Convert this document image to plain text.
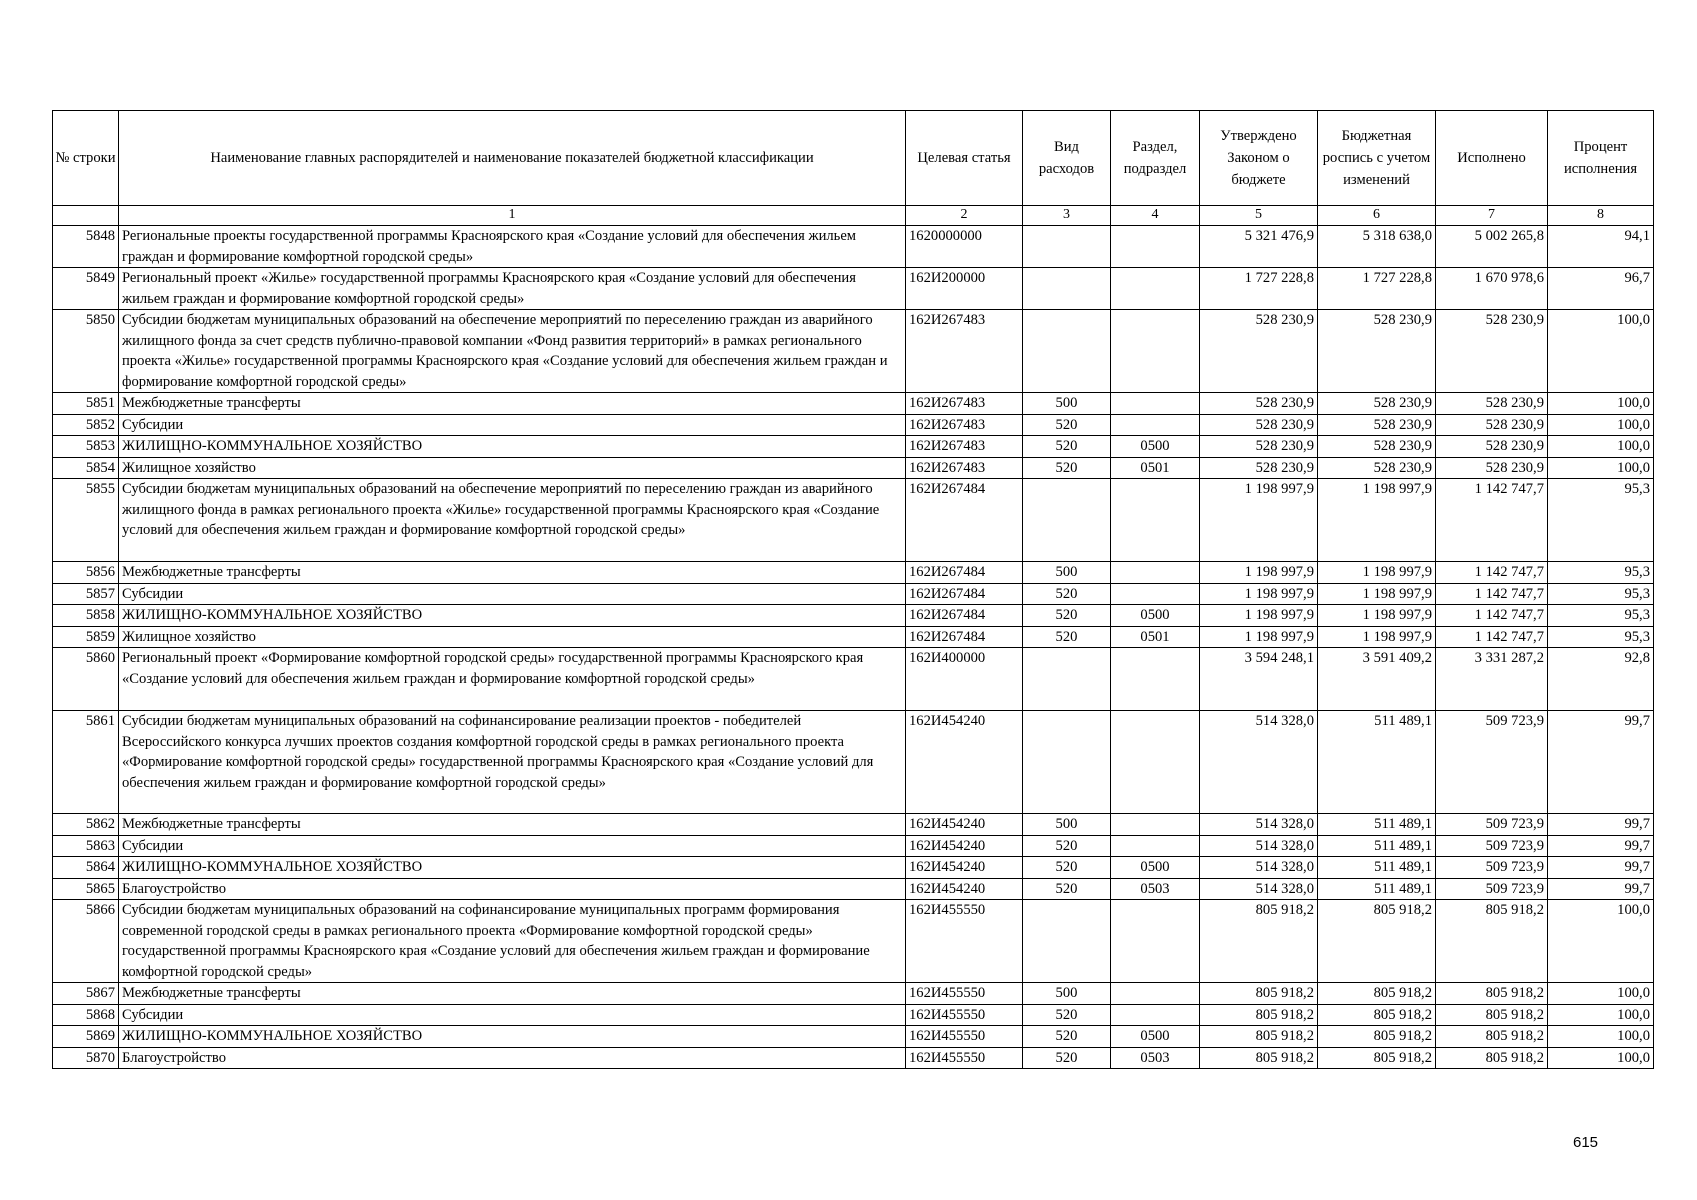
№ строки	Наименование главных распорядителей и наименование показателей бюджетной классификации	Целевая статья	Вид расходов	Раздел, подраздел	Утверждено Законом о бюджете	Бюджетная роспись с учетом изменений	Исполнено	Процент исполнения
	1	2	3	4	5	6	7	8
5848	Региональные проекты государственной программы Красноярского края «Создание условий для обеспечения жильем граждан и формирование комфортной городской среды»	1620000000			5 321 476,9	5 318 638,0	5 002 265,8	94,1
5849	Региональный проект «Жилье» государственной программы Красноярского края «Создание условий для обеспечения жильем граждан и формирование комфортной городской среды»	162И200000			1 727 228,8	1 727 228,8	1 670 978,6	96,7
5850	Субсидии бюджетам муниципальных образований на обеспечение мероприятий по переселению граждан из аварийного жилищного фонда за счет средств публично-правовой компании «Фонд развития территорий» в рамках регионального проекта «Жилье» государственной программы Красноярского края «Создание условий для обеспечения жильем граждан и формирование комфортной городской среды»	162И267483			528 230,9	528 230,9	528 230,9	100,0
5851	Межбюджетные трансферты	162И267483	500		528 230,9	528 230,9	528 230,9	100,0
5852	Субсидии	162И267483	520		528 230,9	528 230,9	528 230,9	100,0
5853	ЖИЛИЩНО-КОММУНАЛЬНОЕ ХОЗЯЙСТВО	162И267483	520	0500	528 230,9	528 230,9	528 230,9	100,0
5854	Жилищное хозяйство	162И267483	520	0501	528 230,9	528 230,9	528 230,9	100,0
5855	Субсидии бюджетам муниципальных образований на обеспечение мероприятий по переселению граждан из аварийного жилищного фонда в рамках регионального проекта «Жилье» государственной программы Красноярского края «Создание условий для обеспечения жильем граждан и формирование комфортной городской среды»	162И267484			1 198 997,9	1 198 997,9	1 142 747,7	95,3
5856	Межбюджетные трансферты	162И267484	500		1 198 997,9	1 198 997,9	1 142 747,7	95,3
5857	Субсидии	162И267484	520		1 198 997,9	1 198 997,9	1 142 747,7	95,3
5858	ЖИЛИЩНО-КОММУНАЛЬНОЕ ХОЗЯЙСТВО	162И267484	520	0500	1 198 997,9	1 198 997,9	1 142 747,7	95,3
5859	Жилищное хозяйство	162И267484	520	0501	1 198 997,9	1 198 997,9	1 142 747,7	95,3
5860	Региональный проект «Формирование комфортной городской среды» государственной программы Красноярского края «Создание условий для обеспечения жильем граждан и формирование комфортной городской среды»	162И400000			3 594 248,1	3 591 409,2	3 331 287,2	92,8
5861	Субсидии бюджетам муниципальных образований на софинансирование реализации проектов - победителей Всероссийского конкурса лучших проектов создания комфортной городской среды в рамках регионального проекта «Формирование комфортной городской среды» государственной программы Красноярского края «Создание условий для обеспечения жильем граждан и формирование комфортной городской среды»	162И454240			514 328,0	511 489,1	509 723,9	99,7
5862	Межбюджетные трансферты	162И454240	500		514 328,0	511 489,1	509 723,9	99,7
5863	Субсидии	162И454240	520		514 328,0	511 489,1	509 723,9	99,7
5864	ЖИЛИЩНО-КОММУНАЛЬНОЕ ХОЗЯЙСТВО	162И454240	520	0500	514 328,0	511 489,1	509 723,9	99,7
5865	Благоустройство	162И454240	520	0503	514 328,0	511 489,1	509 723,9	99,7
5866	Субсидии бюджетам муниципальных образований на софинансирование муниципальных программ формирования современной городской среды в рамках регионального проекта «Формирование комфортной городской среды» государственной программы Красноярского края «Создание условий для обеспечения жильем граждан и формирование комфортной городской среды»	162И455550			805 918,2	805 918,2	805 918,2	100,0
5867	Межбюджетные трансферты	162И455550	500		805 918,2	805 918,2	805 918,2	100,0
5868	Субсидии	162И455550	520		805 918,2	805 918,2	805 918,2	100,0
5869	ЖИЛИЩНО-КОММУНАЛЬНОЕ ХОЗЯЙСТВО	162И455550	520	0500	805 918,2	805 918,2	805 918,2	100,0
5870	Благоустройство	162И455550	520	0503	805 918,2	805 918,2	805 918,2	100,0
615
